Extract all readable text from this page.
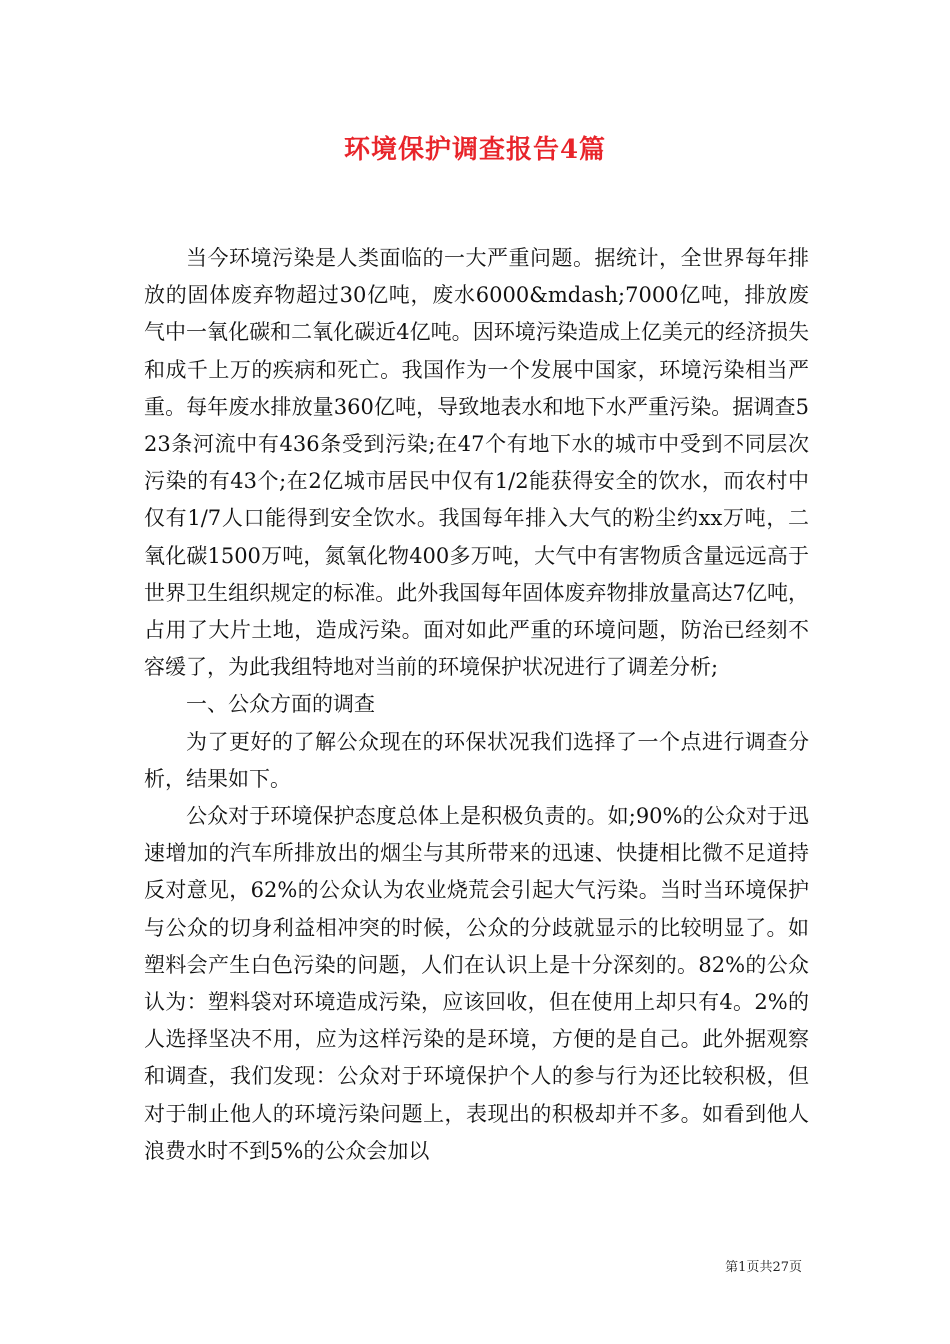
环境保护调查报告4篇

当今环境污染是人类面临的一大严重问题。据统计，全世界每年排放的固体废弃物超过30亿吨，废水6000&mdash;7000亿吨，排放废气中一氧化碳和二氧化碳近4亿吨。因环境污染造成上亿美元的经济损失和成千上万的疾病和死亡。我国作为一个发展中国家，环境污染相当严重。每年废水排放量360亿吨，导致地表水和地下水严重污染。据调查523条河流中有436条受到污染;在47个有地下水的城市中受到不同层次污染的有43个;在2亿城市居民中仅有1/2能获得安全的饮水，而农村中仅有1/7人口能得到安全饮水。我国每年排入大气的粉尘约xx万吨，二氧化碳1500万吨，氮氧化物400多万吨，大气中有害物质含量远远高于世界卫生组织规定的标准。此外我国每年固体废弃物排放量高达7亿吨，占用了大片土地，造成污染。面对如此严重的环境问题，防治已经刻不容缓了，为此我组特地对当前的环境保护状况进行了调差分析;

一、公众方面的调查

为了更好的了解公众现在的环保状况我们选择了一个点进行调查分析，结果如下。

公众对于环境保护态度总体上是积极负责的。如;90%的公众对于迅速增加的汽车所排放出的烟尘与其所带来的迅速、快捷相比微不足道持反对意见，62%的公众认为农业烧荒会引起大气污染。当时当环境保护与公众的切身利益相冲突的时候，公众的分歧就显示的比较明显了。如塑料会产生白色污染的问题，人们在认识上是十分深刻的。82%的公众认为：塑料袋对环境造成污染，应该回收，但在使用上却只有4。2%的人选择坚决不用，应为这样污染的是环境，方便的是自己。此外据观察和调查，我们发现：公众对于环境保护个人的参与行为还比较积极，但对于制止他人的环境污染问题上，表现出的积极却并不多。如看到他人浪费水时不到5%的公众会加以

第1页共27页
